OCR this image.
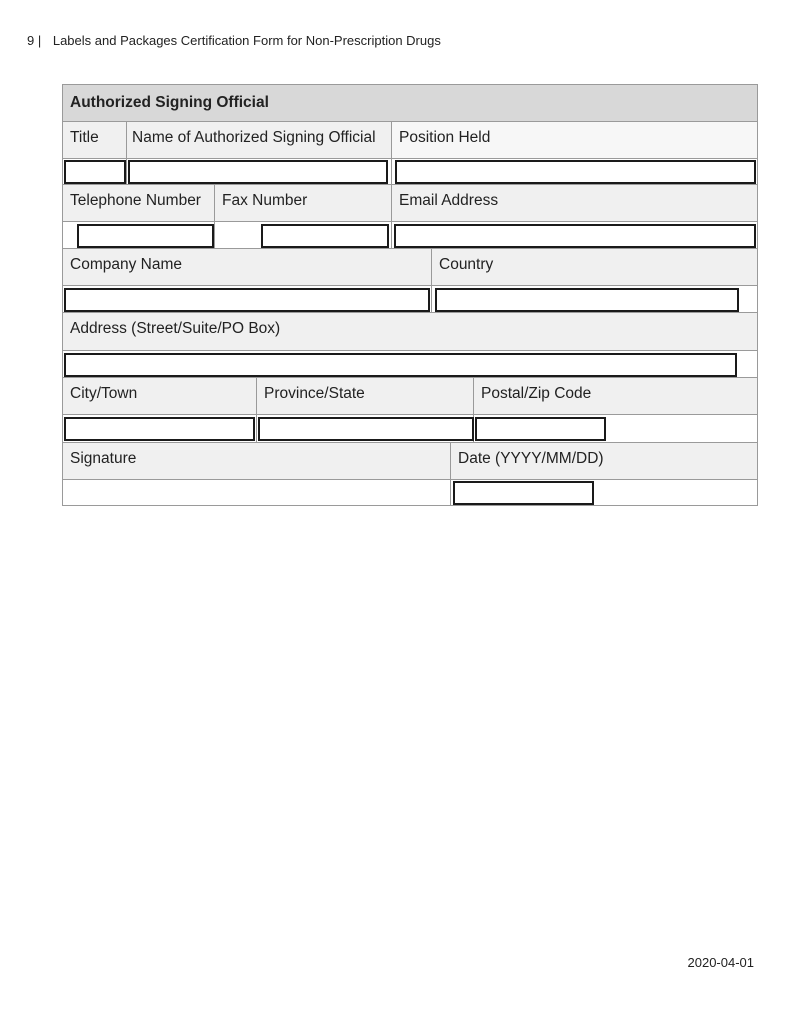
9 | Labels and Packages Certification Form for Non-Prescription Drugs
Authorized Signing Official
Title	Name of Authorized Signing Official	Position Held
Telephone Number	Fax Number	Email Address
Company Name	Country
Address (Street/Suite/PO Box)
City/Town	Province/State	Postal/Zip Code
Signature	Date (YYYY/MM/DD)
2020-04-01
